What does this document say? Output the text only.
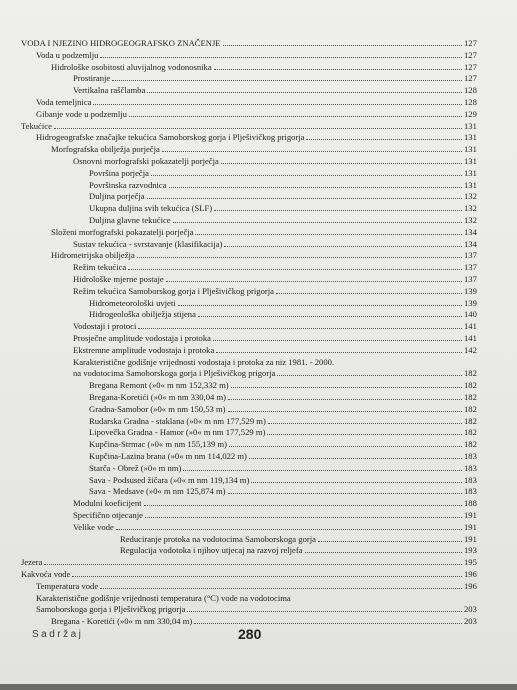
VODA I NJEZINO HIDROGEOGRAFSKO ZNAČENJE	127
Voda u podzemlju	127
Hidrološke osobitosti aluvijalnog vodonosnika	127
Prostiranje	127
Vertikalna raščlamba	128
Voda temeljnica	128
Gibanje vode u podzemlju	129
Tekućice	131
Hidrogeografske značajke tekućica Samoborskog gorja i Plješivičkog prigorja	131
Morfografska obilježja porječja	131
Osnovni morfografski pokazatelji porječja	131
Površina porječja	131
Površinska razvodnica	131
Duljina porječja	132
Ukupna duljina svih tekućica (SLF)	132
Duljina glavne tekućice	132
Složeni morfografski pokazatelji porječja	134
Sustav tekućica - svrstavanje (klasifikacija)	134
Hidrometrijska obilježja	137
Režim tekućica	137
Hidrološke mjerne postaje	137
Režim tekućica Samoborskog gorja i Plješivičkog prigorja	139
Hidrometeorološki uvjeti	139
Hidrogeološka obilježja stijena	140
Vodostaji i protoci	141
Prosječne amplitude vodostaja i protoka	141
Ekstremne amplitude vodostaja i protoka	142
Karakteristične godišnje vrijednosti vodostaja i protoka za niz 1981. - 2000.
na vodotocima Samoborskoga gorja i Plješivičkog prigorja	182
Bregana Remont (»0« m nm 152,332 m)	182
Bregana-Koretići (»0« m nm 330,04 m)	182
Gradna-Samobor (»0« m nm 150,53 m)	182
Rudarska Gradna - staklana (»0« m nm 177,529 m)	182
Lipovečka Gradna - Hamor (»0« m nm 177,529 m)	182
Kupčina-Strmac (»0« m nm 155,139 m)	182
Kupčina-Lazina brana (»0« m nm 114,022 m)	183
Starča - Obrež (»0« m nm)	183
Sava - Podsused žičara (»0« m nm 119,134 m)	183
Sava - Medsave (»0« m nm 125,874 m)	183
Modulni koeficijent	188
Specifično otjecanje	191
Velike vode	191
Reduciranje protoka na vodotocima Samoborskoga gorja	191
Regulacija vodotoka i njihov utjecaj na razvoj reljefa	193
Jezera	195
Kakvoća vode	196
Temperatura vode	196
Karakteristične godišnje vrijednosti temperatura (°C) vode na vodotocima
Samoborskoga gorja i Plješivičkog prigorja	203
Bregana - Koretići (»0« m nm 330,04 m)	203
Sadržaj	280
